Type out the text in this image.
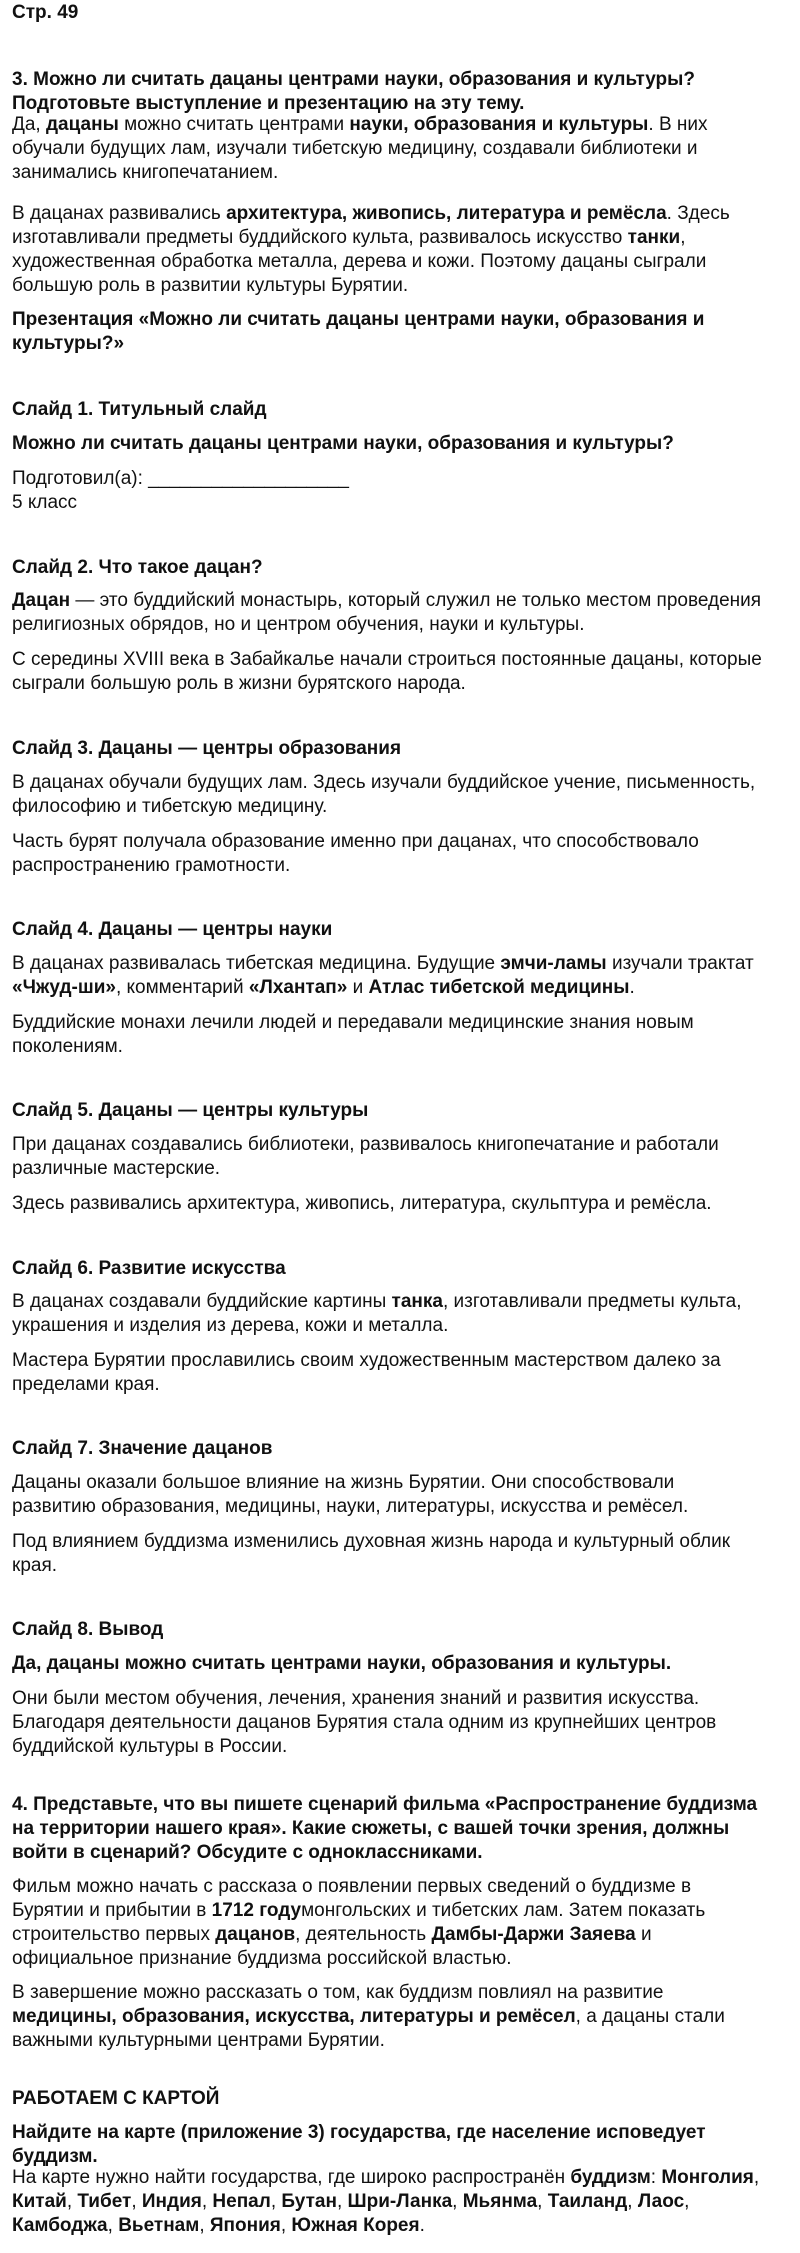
Стр. 49

3. Можно ли считать дацаны центрами науки, образования и культуры? Подготовьте выступление и презентацию на эту тему.

Да, дацаны можно считать центрами науки, образования и культуры. В них обучали будущих лам, изучали тибетскую медицину, создавали библиотеки и занимались книгопечатанием.

В дацанах развивались архитектура, живопись, литература и ремёсла. Здесь изготавливали предметы буддийского культа, развивалось искусство танки, художественная обработка металла, дерева и кожи. Поэтому дацаны сыграли большую роль в развитии культуры Бурятии.

Презентация «Можно ли считать дацаны центрами науки, образования и культуры?»

Слайд 1. Титульный слайд

Можно ли считать дацаны центрами науки, образования и культуры?

Подготовил(а): ___________________

5 класс

Слайд 2. Что такое дацан?

Дацан — это буддийский монастырь, который служил не только местом проведения религиозных обрядов, но и центром обучения, науки и культуры.

С середины XVIII века в Забайкалье начали строиться постоянные дацаны, которые сыграли большую роль в жизни бурятского народа.

Слайд 3. Дацаны — центры образования

В дацанах обучали будущих лам. Здесь изучали буддийское учение, письменность, философию и тибетскую медицину.

Часть бурят получала образование именно при дацанах, что способствовало распространению грамотности.

Слайд 4. Дацаны — центры науки

В дацанах развивалась тибетская медицина. Будущие эмчи-ламы изучали трактат «Чжуд-ши», комментарий «Лхантап» и Атлас тибетской медицины.

Буддийские монахи лечили людей и передавали медицинские знания новым поколениям.

Слайд 5. Дацаны — центры культуры

При дацанах создавались библиотеки, развивалось книгопечатание и работали различные мастерские.

Здесь развивались архитектура, живопись, литература, скульптура и ремёсла.

Слайд 6. Развитие искусства

В дацанах создавали буддийские картины танка, изготавливали предметы культа, украшения и изделия из дерева, кожи и металла.

Мастера Бурятии прославились своим художественным мастерством далеко за пределами края.

Слайд 7. Значение дацанов

Дацаны оказали большое влияние на жизнь Бурятии. Они способствовали развитию образования, медицины, науки, литературы, искусства и ремёсел.

Под влиянием буддизма изменились духовная жизнь народа и культурный облик края.

Слайд 8. Вывод

Да, дацаны можно считать центрами науки, образования и культуры.

Они были местом обучения, лечения, хранения знаний и развития искусства. Благодаря деятельности дацанов Бурятия стала одним из крупнейших центров буддийской культуры в России.

4. Представьте, что вы пишете сценарий фильма «Распространение буддизма на территории нашего края». Какие сюжеты, с вашей точки зрения, должны войти в сценарий? Обсудите с одноклассниками.

Фильм можно начать с рассказа о появлении первых сведений о буддизме в Бурятии и прибытии в 1712 годумонгольских и тибетских лам. Затем показать строительство первых дацанов, деятельность Дамбы-Даржи Заяева и официальное признание буддизма российской властью.

В завершение можно рассказать о том, как буддизм повлиял на развитие медицины, образования, искусства, литературы и ремёсел, а дацаны стали важными культурными центрами Бурятии.

РАБОТАЕМ С КАРТОЙ

Найдите на карте (приложение 3) государства, где население исповедует буддизм.

На карте нужно найти государства, где широко распространён буддизм: Монголия, Китай, Тибет, Индия, Непал, Бутан, Шри-Ланка, Мьянма, Таиланд, Лаос, Камбоджа, Вьетнам, Япония, Южная Корея.
